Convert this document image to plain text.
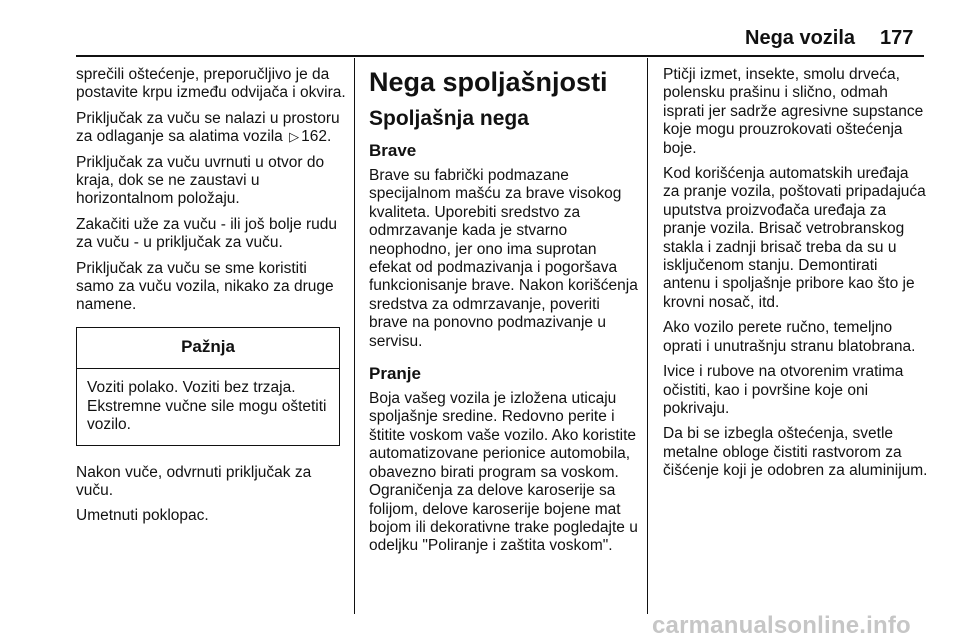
Nega vozila 177

sprečili oštećenje, preporučljivo je da postavite krpu između odvijača i okvira.

Priključak za vuču se nalazi u prostoru za odlaganje sa alatima vozila ▷ 162.

Priključak za vuču uvrnuti u otvor do kraja, dok se ne zaustavi u horizontalnom položaju.

Zakačiti uže za vuču - ili još bolje rudu za vuču - u priključak za vuču.

Priključak za vuču se sme koristiti samo za vuču vozila, nikako za druge namene.

Pažnja
Voziti polako. Voziti bez trzaja. Ekstremne vučne sile mogu oštetiti vozilo.

Nakon vuče, odvrnuti priključak za vuču.

Umetnuti poklopac.

Nega spoljašnjosti
Spoljašnja nega
Brave

Brave su fabrički podmazane specijalnom mašću za brave visokog kvaliteta. Uporebiti sredstvo za odmrzavanje kada je stvarno neophodno, jer ono ima suprotan efekat od podmazivanja i pogoršava funkcionisanje brave. Nakon korišćenja sredstva za odmrzavanje, poveriti brave na ponovno podmazivanje u servisu.

Pranje

Boja vašeg vozila je izložena uticaju spoljašnje sredine. Redovno perite i štitite voskom vaše vozilo. Ako koristite automatizovane perionice automobila, obavezno birati program sa voskom. Ograničenja za delove karoserije sa folijom, delove karoserije bojene mat bojom ili dekorativne trake pogledajte u odeljku "Poliranje i zaštita voskom".

Ptičji izmet, insekte, smolu drveća, polensku prašinu i slično, odmah isprati jer sadrže agresivne supstance koje mogu prouzrokovati oštećenja boje.

Kod korišćenja automatskih uređaja za pranje vozila, poštovati pripadajuća uputstva proizvođača uređaja za pranje vozila. Brisač vetrobranskog stakla i zadnji brisač treba da su u isključenom stanju. Demontirati antenu i spoljašnje pribore kao što je krovni nosač, itd.

Ako vozilo perete ručno, temeljno oprati i unutrašnju stranu blatobrana.

Ivice i rubove na otvorenim vratima očistiti, kao i površine koje oni pokrivaju.

Da bi se izbegla oštećenja, svetle metalne obloge čistiti rastvorom za čišćenje koji je odobren za aluminijum.

carmanualsonline.info
